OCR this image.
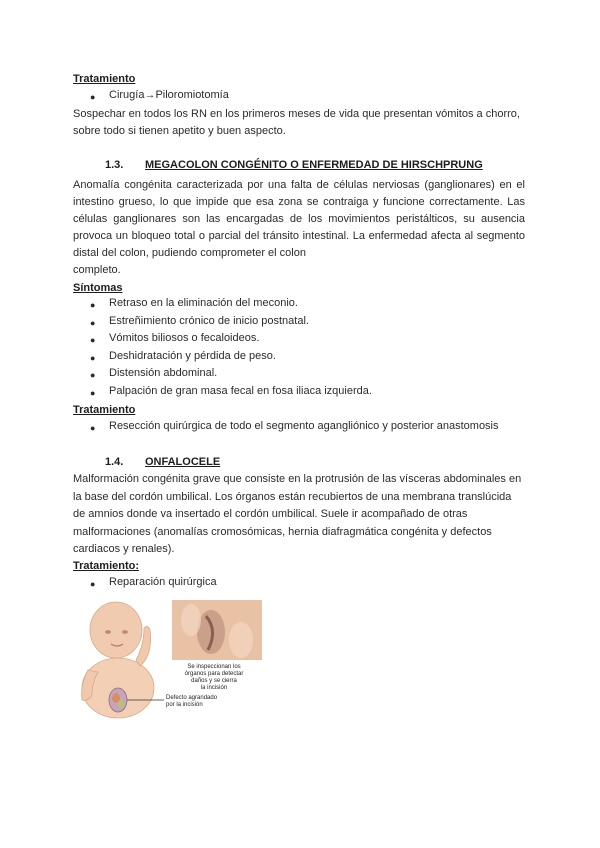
Tratamiento
● Cirugía→Piloromiotomía
Sospechar en todos los RN en los primeros meses de vida que presentan vómitos a chorro,
sobre todo si tienen apetito y buen aspecto.
1.3. MEGACOLON CONGÉNITO O ENFERMEDAD DE HIRSCHPRUNG
Anomalía congénita caracterizada por una falta de células nerviosas (ganglionares) en el
intestino grueso, lo que impide que esa zona se contraiga y funcione correctamente. Las
células ganglionares son las encargadas de los movimientos peristálticos, su ausencia
provoca un bloqueo total o parcial del tránsito intestinal. La enfermedad afecta al segmento
distal del colon, pudiendo comprometer el colon
completo.
Síntomas
● Retraso en la eliminación del meconio.
● Estreñimiento crónico de inicio postnatal.
● Vómitos biliosos o fecaloideos.
● Deshidratación y pérdida de peso.
● Distensión abdominal.
● Palpación de gran masa fecal en fosa iliaca izquierda.
Tratamiento
● Resección quirúrgica de todo el segmento agangliónico y posterior anastomosis
1.4. ONFALOCELE
Malformación congénita grave que consiste en la protrusión de las vísceras abdominales en
la base del cordón umbilical. Los órganos están recubiertos de una membrana translúcida
de amnios donde va insertado el cordón umbilical. Suele ir acompañado de otras
malformaciones (anomalías cromosómicas, hernia diafragmática congénita y defectos
cardiacos y renales).
Tratamiento:
● Reparación quirúrgica
Se inspeccionan los
órganos para detectar
daños y se cierra
la incisión
Defecto agrandado
por la incisión
